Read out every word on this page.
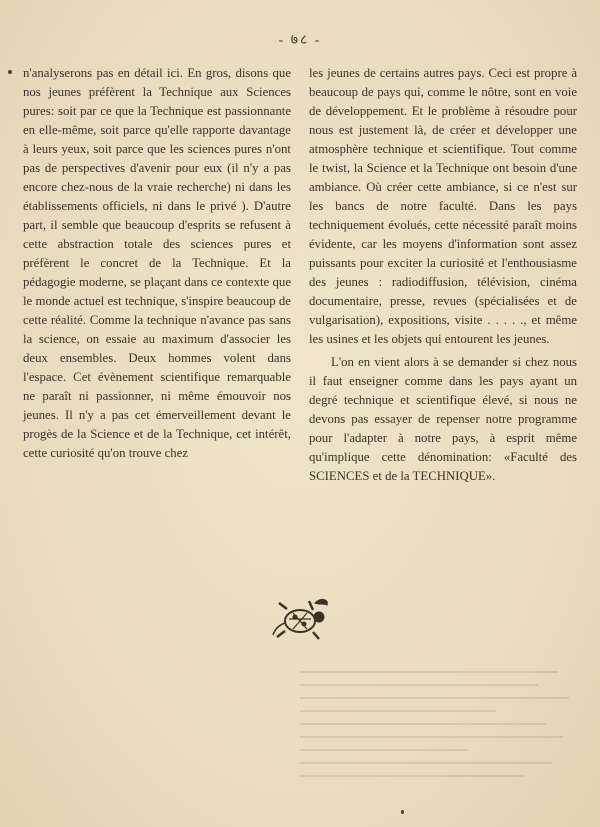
- ७८ -

n'analyserons pas en détail ici. En gros, disons que nos jeunes préfèrent la Technique aux Sciences pures: soit par ce que la Technique est passionnante en elle-même, soit parce qu'elle rapporte davantage à leurs yeux, soit parce que les sciences pures n'ont pas de perspectives d'avenir pour eux (il n'y a pas encore chez-nous de la vraie recherche) ni dans les établissements officiels, ni dans le privé ). D'autre part, il semble que beaucoup d'esprits se refusent à cette abstraction totale des sciences pures et préfèrent le concret de la Technique. Et la pédagogie moderne, se plaçant dans ce contexte que le monde actuel est technique, s'inspire beaucoup de cette réalité. Comme la technique n'avance pas sans la science, on essaie au maximum d'associer les deux ensembles. Deux hommes volent dans l'espace. Cet évènement scientifique remarquable ne paraît ni passionner, ni même émouvoir nos jeunes. Il n'y a pas cet émerveillement devant le progès de la Science et de la Technique, cet intérêt, cette curiosité qu'on trouve chez

les jeunes de certains autres pays. Ceci est propre à beaucoup de pays qui, comme le nôtre, sont en voie de développement. Et le problème à résoudre pour nous est justement là, de créer et développer une atmosphère technique et scientifique. Tout comme le twist, la Science et la Technique ont besoin d'une ambiance. Où créer cette ambiance, si ce n'est sur les bancs de notre faculté. Dans les pays techniquement évolués, cette nécessité paraît moins évidente, car les moyens d'information sont assez puissants pour exciter la curiosité et l'enthousiasme des jeunes : radiodiffusion, télévision, cinéma documentaire, presse, revues (spécialisées et de vulgarisation), expositions, visite . . . . ., et même les usines et les objets qui entourent les jeunes.

L'on en vient alors à se demander si chez nous il faut enseigner comme dans les pays ayant un degré technique et scientifique élevé, si nous ne devons pas essayer de repenser notre programme pour l'adapter à notre pays, à esprit même qu'implique cette dénomination: «Faculté des SCIENCES et de la TECHNIQUE».
